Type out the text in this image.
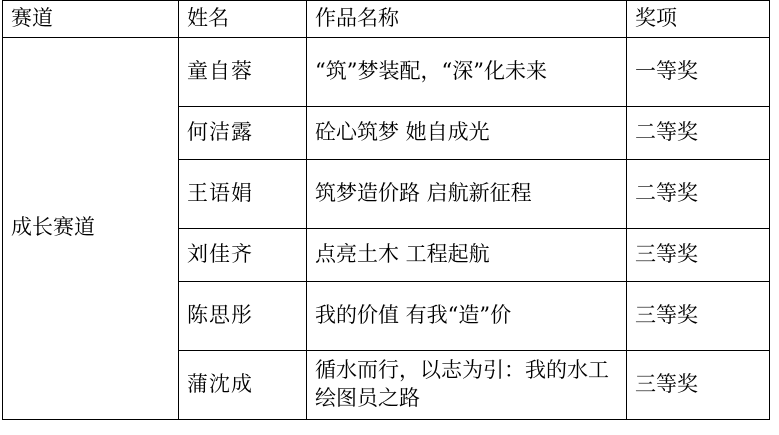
赛道	姓名	作品名称	奖项
成长赛道	童自蓉	“筑”梦装配，“深”化未来	一等奖
	何洁露	砼心筑梦 她自成光	二等奖
	王语娟	筑梦造价路 启航新征程	二等奖
	刘佳齐	点亮土木 工程起航	三等奖
	陈思彤	我的价值 有我“造”价	三等奖
	蒲沈成	循水而行，以志为引：我的水工绘图员之路	三等奖
